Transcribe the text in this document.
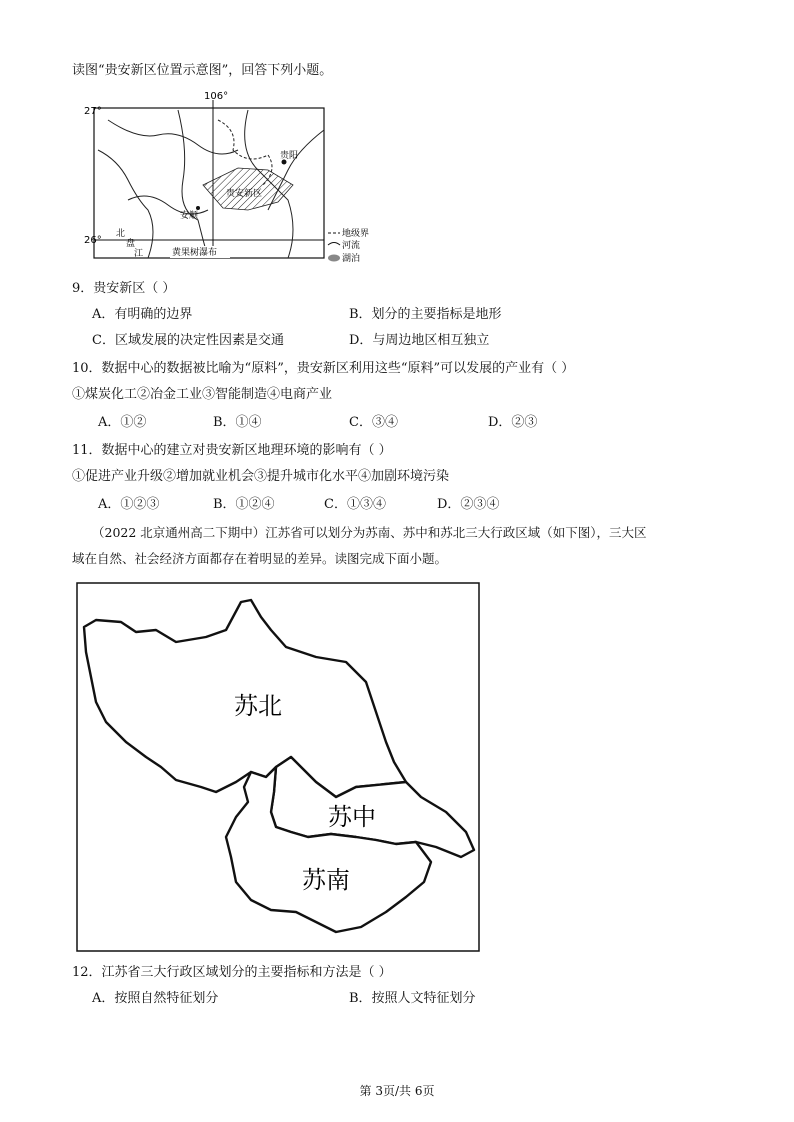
读图“贵安新区位置示意图”，回答下列小题。
106°
27°
26°
贵阳
贵安新区
安顺
北
盘
江	黄果树瀑布
地级界
河流
湖泊
9．贵安新区（ ）
A．有明确的边界	B．划分的主要指标是地形
C．区域发展的决定性因素是交通	D．与周边地区相互独立
10．数据中心的数据被比喻为“原料”，贵安新区利用这些“原料”可以发展的产业有（ ）
①煤炭化工②冶金工业③智能制造④电商产业
A．①②	B．①④	C．③④	D．②③
11．数据中心的建立对贵安新区地理环境的影响有（ ）
①促进产业升级②增加就业机会③提升城市化水平④加剧环境污染
A．①②③	B．①②④	C．①③④	D．②③④
（2022 北京通州高二下期中）江苏省可以划分为苏南、苏中和苏北三大行政区域（如下图），三大区
域在自然、社会经济方面都存在着明显的差异。读图完成下面小题。
苏北
苏中
苏南
12．江苏省三大行政区域划分的主要指标和方法是（ ）
A．按照自然特征划分	B．按照人文特征划分
第 3页/共 6页
